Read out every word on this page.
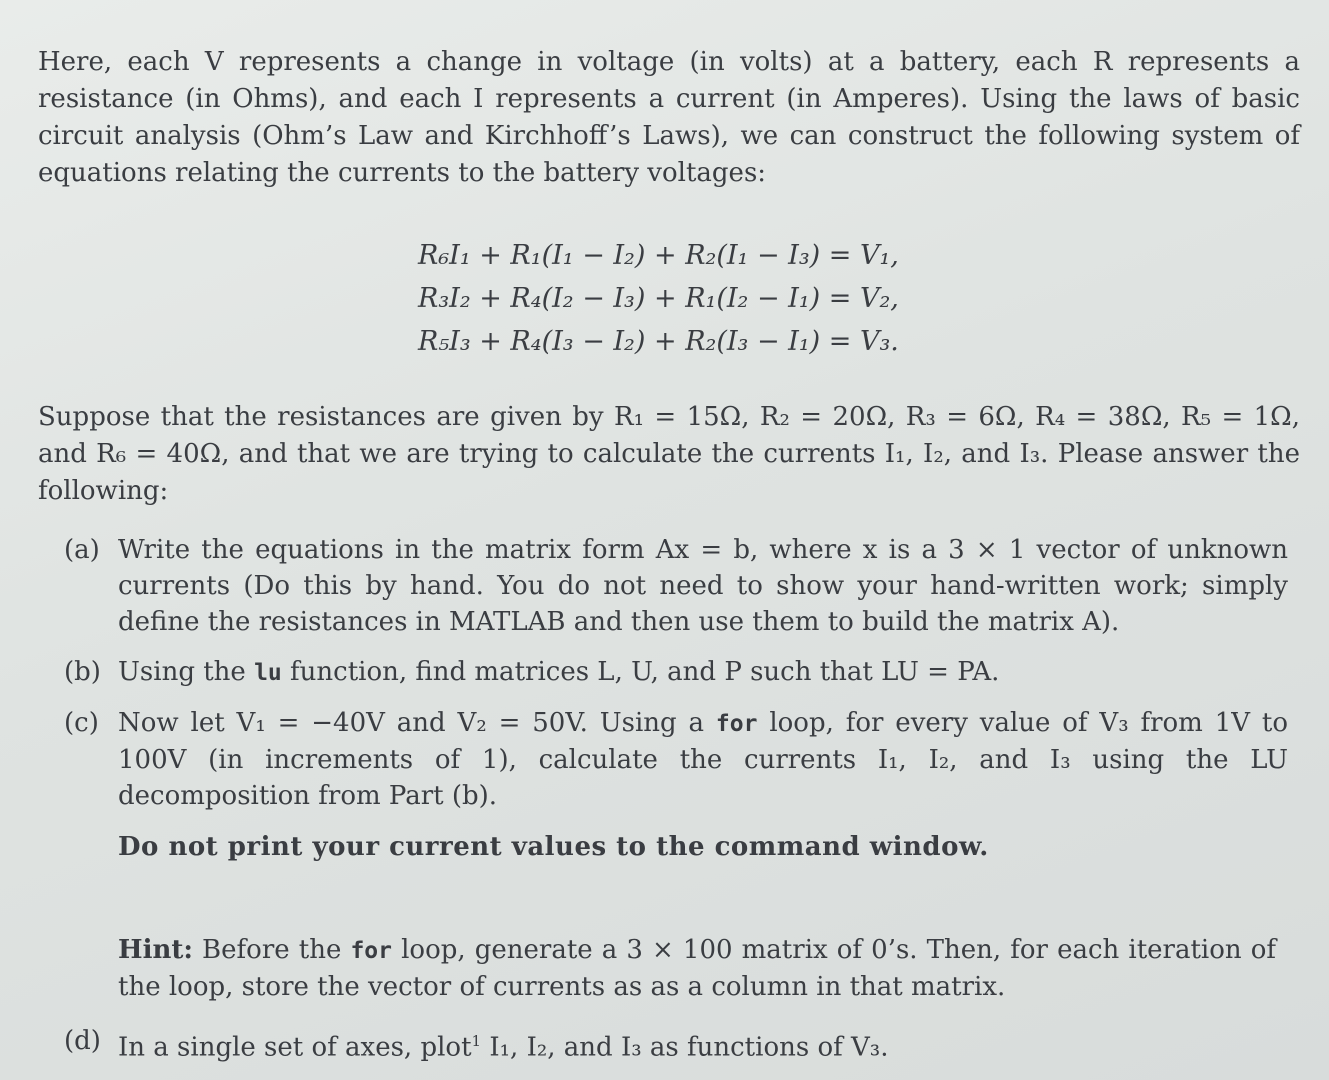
Here, each V represents a change in voltage (in volts) at a battery, each R represents a resistance (in Ohms), and each I represents a current (in Amperes). Using the laws of basic circuit analysis (Ohm’s Law and Kirchhoff’s Laws), we can construct the following system of equations relating the currents to the battery voltages:

R₆I₁ + R₁(I₁ − I₂) + R₂(I₁ − I₃) = V₁,
R₃I₂ + R₄(I₂ − I₃) + R₁(I₂ − I₁) = V₂,
R₅I₃ + R₄(I₃ − I₂) + R₂(I₃ − I₁) = V₃.

Suppose that the resistances are given by R₁ = 15Ω, R₂ = 20Ω, R₃ = 6Ω, R₄ = 38Ω, R₅ = 1Ω, and R₆ = 40Ω, and that we are trying to calculate the currents I₁, I₂, and I₃. Please answer the following:

(a) Write the equations in the matrix form Ax = b, where x is a 3 × 1 vector of unknown currents (Do this by hand. You do not need to show your hand-written work; simply define the resistances in MATLAB and then use them to build the matrix A).
(b) Using the lu function, find matrices L, U, and P such that LU = PA.
(c) Now let V₁ = −40V and V₂ = 50V. Using a for loop, for every value of V₃ from 1V to 100V (in increments of 1), calculate the currents I₁, I₂, and I₃ using the LU decomposition from Part (b).
Do not print your current values to the command window.
Hint: Before the for loop, generate a 3 × 100 matrix of 0’s. Then, for each iteration of the loop, store the vector of currents as as a column in that matrix.
(d) In a single set of axes, plot$^1$ I₁, I₂, and I₃ as functions of V₃.
